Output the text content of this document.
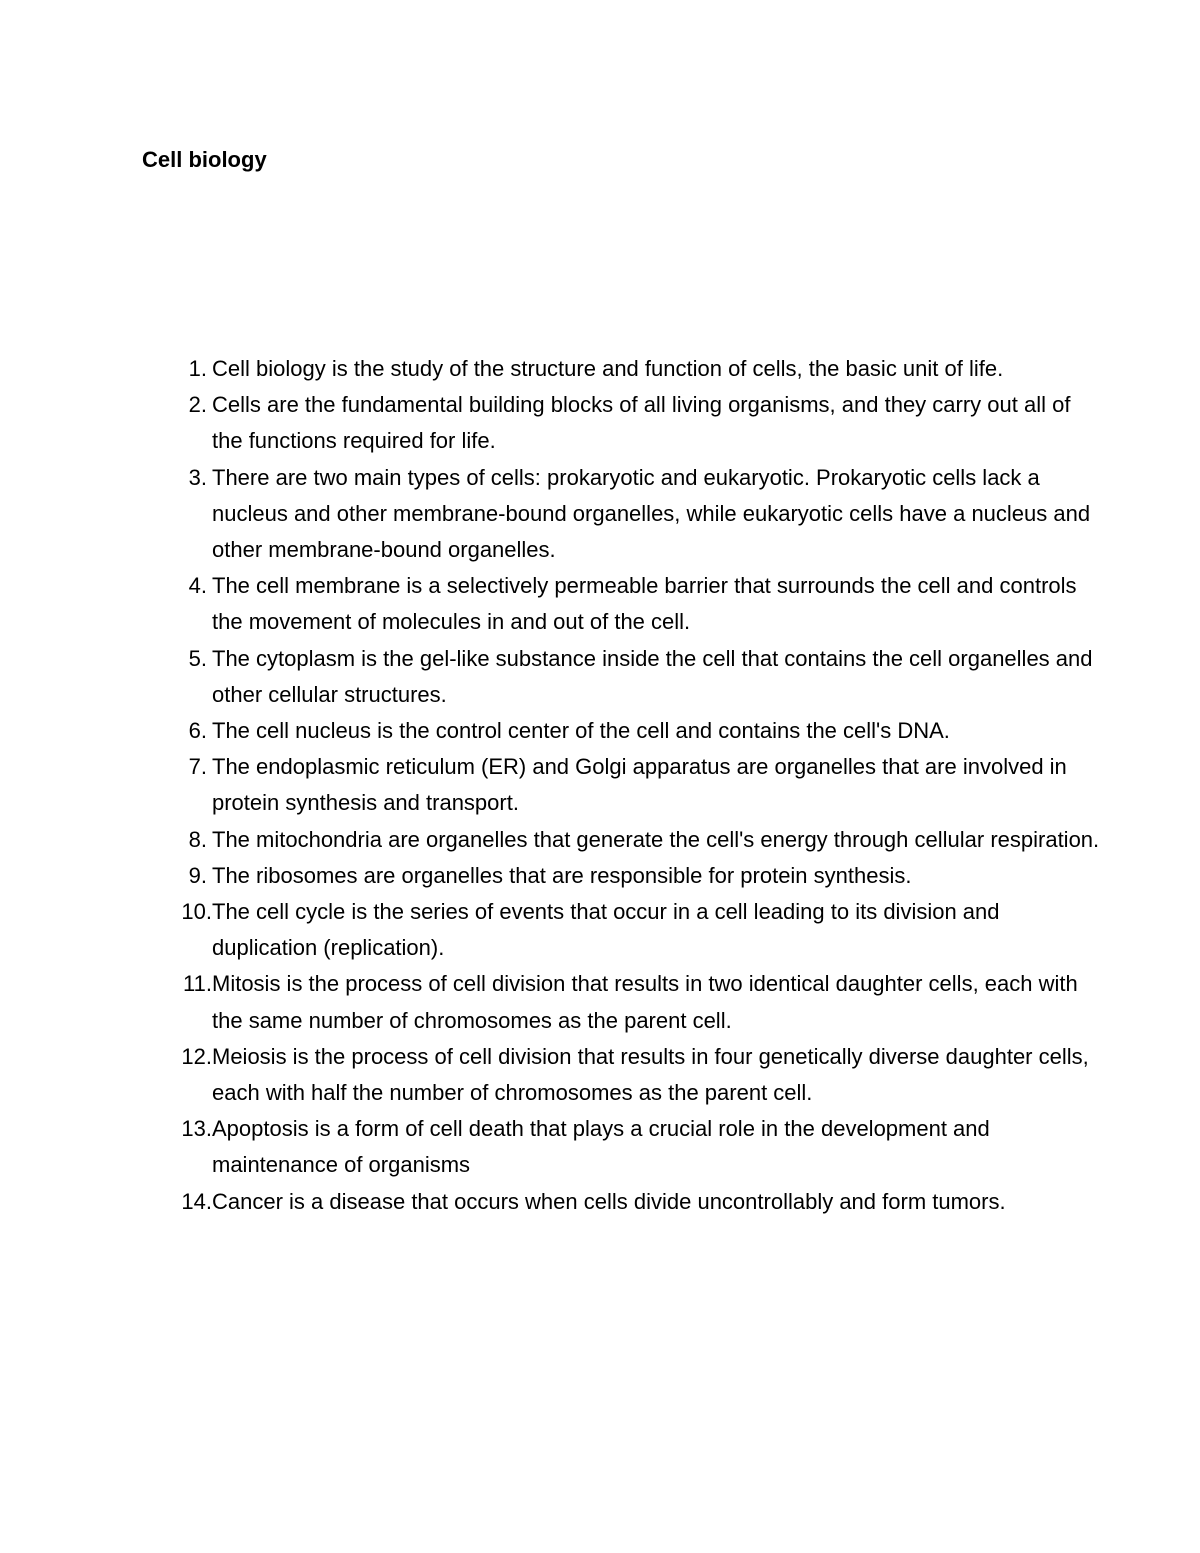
Cell biology
1. Cell biology is the study of the structure and function of cells, the basic unit of life.
2. Cells are the fundamental building blocks of all living organisms, and they carry out all of the functions required for life.
3. There are two main types of cells: prokaryotic and eukaryotic. Prokaryotic cells lack a nucleus and other membrane-bound organelles, while eukaryotic cells have a nucleus and other membrane-bound organelles.
4. The cell membrane is a selectively permeable barrier that surrounds the cell and controls the movement of molecules in and out of the cell.
5. The cytoplasm is the gel-like substance inside the cell that contains the cell organelles and other cellular structures.
6. The cell nucleus is the control center of the cell and contains the cell's DNA.
7. The endoplasmic reticulum (ER) and Golgi apparatus are organelles that are involved in protein synthesis and transport.
8. The mitochondria are organelles that generate the cell's energy through cellular respiration.
9. The ribosomes are organelles that are responsible for protein synthesis.
10. The cell cycle is the series of events that occur in a cell leading to its division and duplication (replication).
11. Mitosis is the process of cell division that results in two identical daughter cells, each with the same number of chromosomes as the parent cell.
12. Meiosis is the process of cell division that results in four genetically diverse daughter cells, each with half the number of chromosomes as the parent cell.
13. Apoptosis is a form of cell death that plays a crucial role in the development and maintenance of organisms
14. Cancer is a disease that occurs when cells divide uncontrollably and form tumors.
